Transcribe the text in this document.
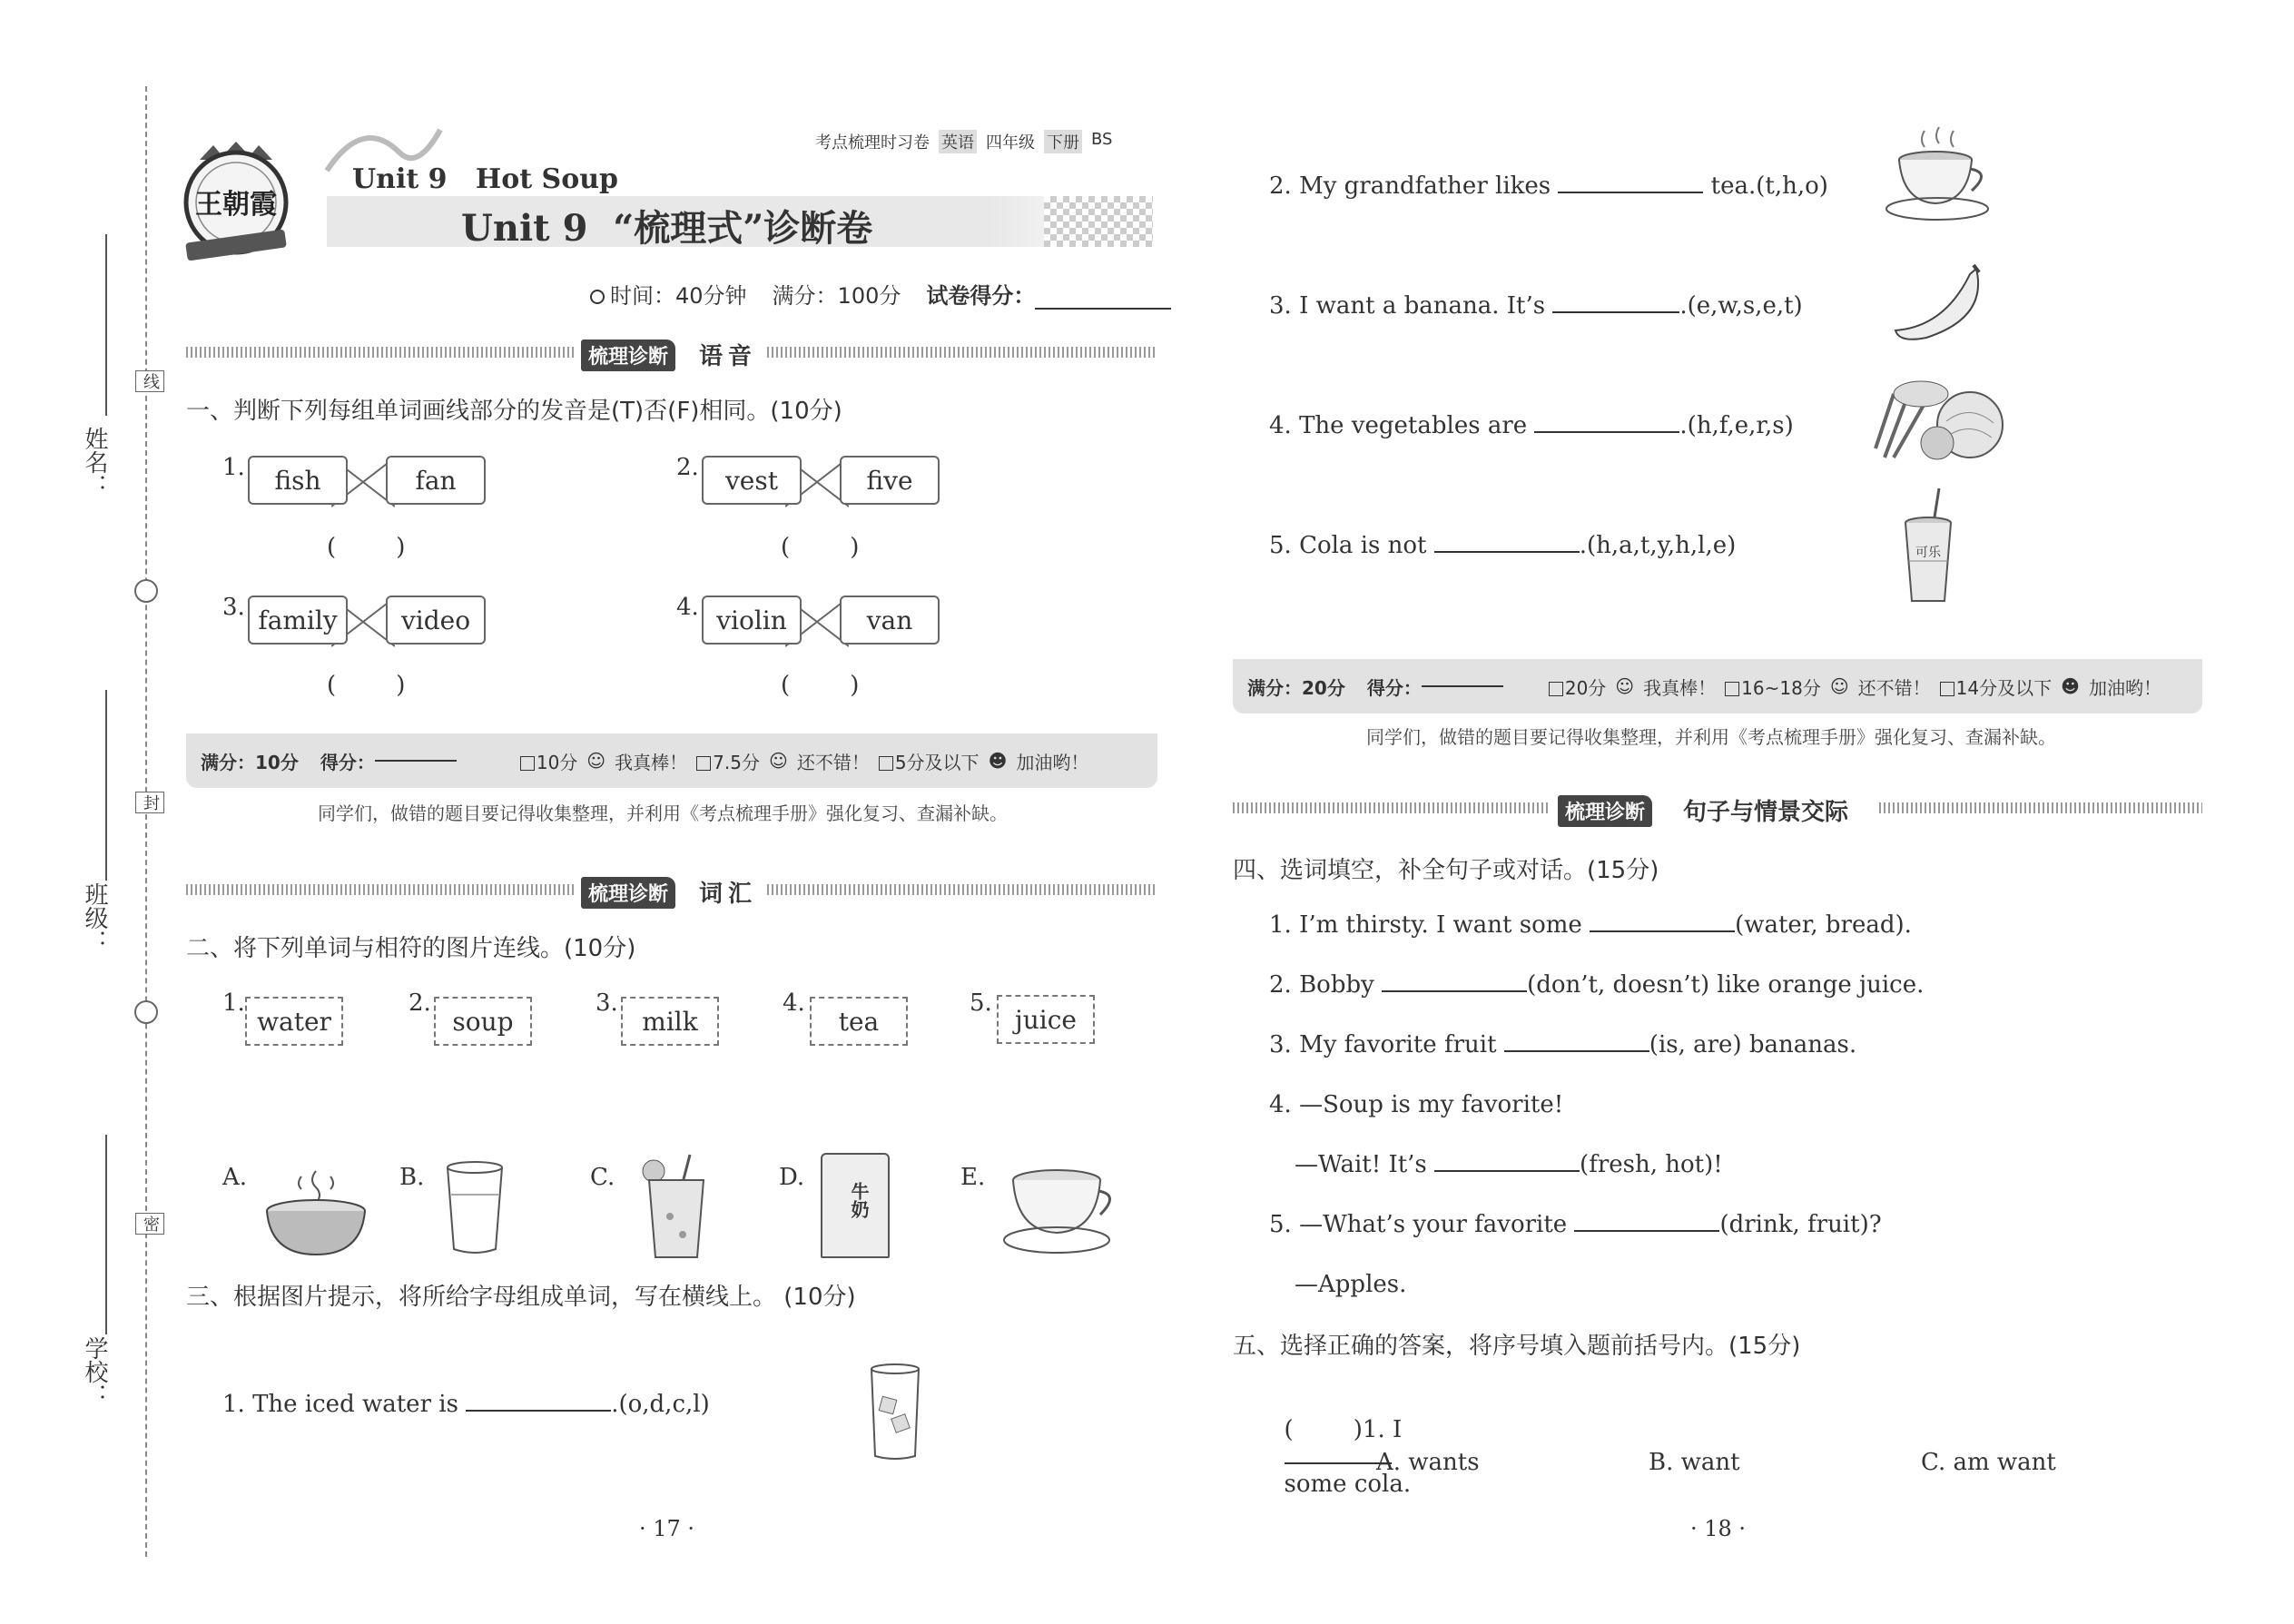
姓名：
班级：
学校：
线
封
密
王朝霞
考点梳理时习卷 英语 四年级 下册 BS
Unit 9   Hot Soup
Unit 9  “梳理式”诊断卷
时间：40分钟 满分：100分 试卷得分：
梳理诊断	语音
一、判断下列每组单词画线部分的发音是(T)否(F)相同。(10分)
1. fish	fan
(        )
2. vest	five
(        )
3. family	video
(        )
4. violin	van
(        )
满分：10分 得分：	10分 ☺ 我真棒！	7.5分 ☺ 还不错！	5分及以下 ☻ 加油哟！
同学们，做错的题目要记得收集整理，并利用《考点梳理手册》强化复习、查漏补缺。
梳理诊断	词汇
二、将下列单词与相符的图片连线。(10分)
1.
water
2.
soup
3.
milk
4.
tea
5.
juice
A.	B.	C.	D.
牛奶
E.
三、根据图片提示，将所给字母组成单词，写在横线上。 (10分)
1. The iced water is	.(o,d,c,l)
2. My grandfather likes	tea.(t,h,o)
3. I want a banana. It’s	.(e,w,s,e,t)
4. The vegetables are	.(h,f,e,r,s)
5. Cola is not	.(h,a,t,y,h,l,e)	可乐
满分：20分 得分：	20分 ☺ 我真棒！	16~18分 ☺ 还不错！	14分及以下 ☻ 加油哟！
同学们，做错的题目要记得收集整理，并利用《考点梳理手册》强化复习、查漏补缺。
梳理诊断	句子与情景交际
四、选词填空，补全句子或对话。(15分)
1. I’m thirsty. I want some	(water, bread).
2. Bobby	(don’t, doesn’t) like orange juice.
3. My favorite fruit	(is, are) bananas.
4. —Soup is my favorite!
—Wait! It’s	(fresh, hot)!
5. —What’s your favorite	(drink, fruit)?
—Apples.
五、选择正确的答案，将序号填入题前括号内。(15分)

(        )1. I

some cola.

A. wants	B. want	C. am want
· 17 ·	· 18 ·
